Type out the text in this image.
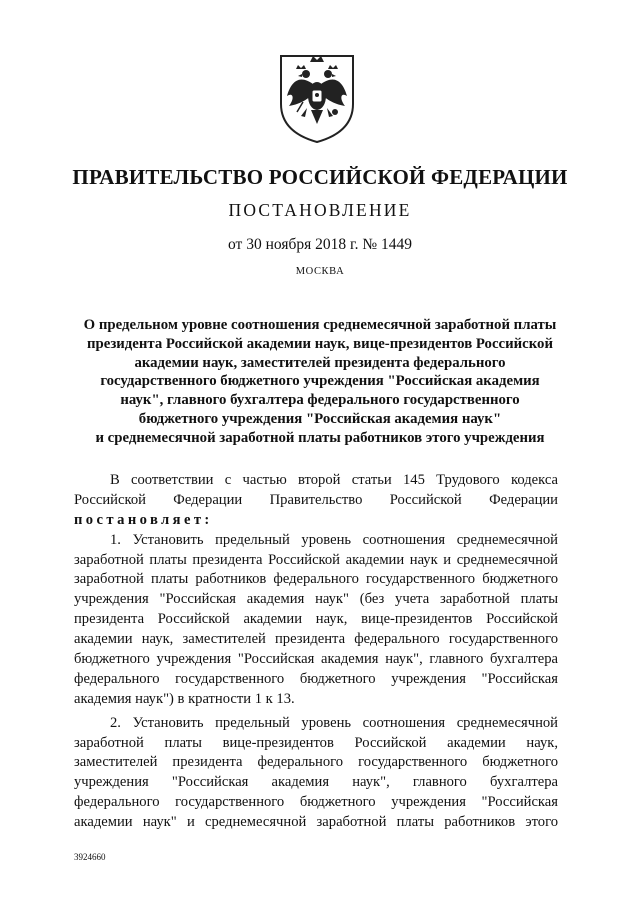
ПРАВИТЕЛЬСТВО РОССИЙСКОЙ ФЕДЕРАЦИИ
ПОСТАНОВЛЕНИЕ
от 30 ноября 2018 г. № 1449
МОСКВА
О предельном уровне соотношения среднемесячной заработной платы
президента Российской академии наук, вице-президентов Российской
академии наук, заместителей президента федерального
государственного бюджетного учреждения "Российская академия
наук", главного бухгалтера федерального государственного
бюджетного учреждения "Российская академия наук"
и среднемесячной заработной платы работников этого учреждения
В соответствии с частью второй статьи 145 Трудового кодекса
Российской Федерации Правительство Российской Федерации
постановляет:
1. Установить предельный уровень соотношения среднемесячной
заработной платы президента Российской академии наук и среднемесячной
заработной платы работников федерального государственного бюджетного
учреждения "Российская академия наук" (без учета заработной платы
президента Российской академии наук, вице-президентов Российской
академии наук, заместителей президента федерального государственного
бюджетного учреждения "Российская академия наук", главного бухгалтера
федерального государственного бюджетного учреждения "Российская
академия наук") в кратности 1 к 13.
2. Установить предельный уровень соотношения среднемесячной
заработной платы вице-президентов Российской академии наук,
заместителей президента федерального государственного бюджетного
учреждения "Российская академия наук", главного бухгалтера
федерального государственного бюджетного учреждения "Российская
академии наук" и среднемесячной заработной платы работников этого
3924660
